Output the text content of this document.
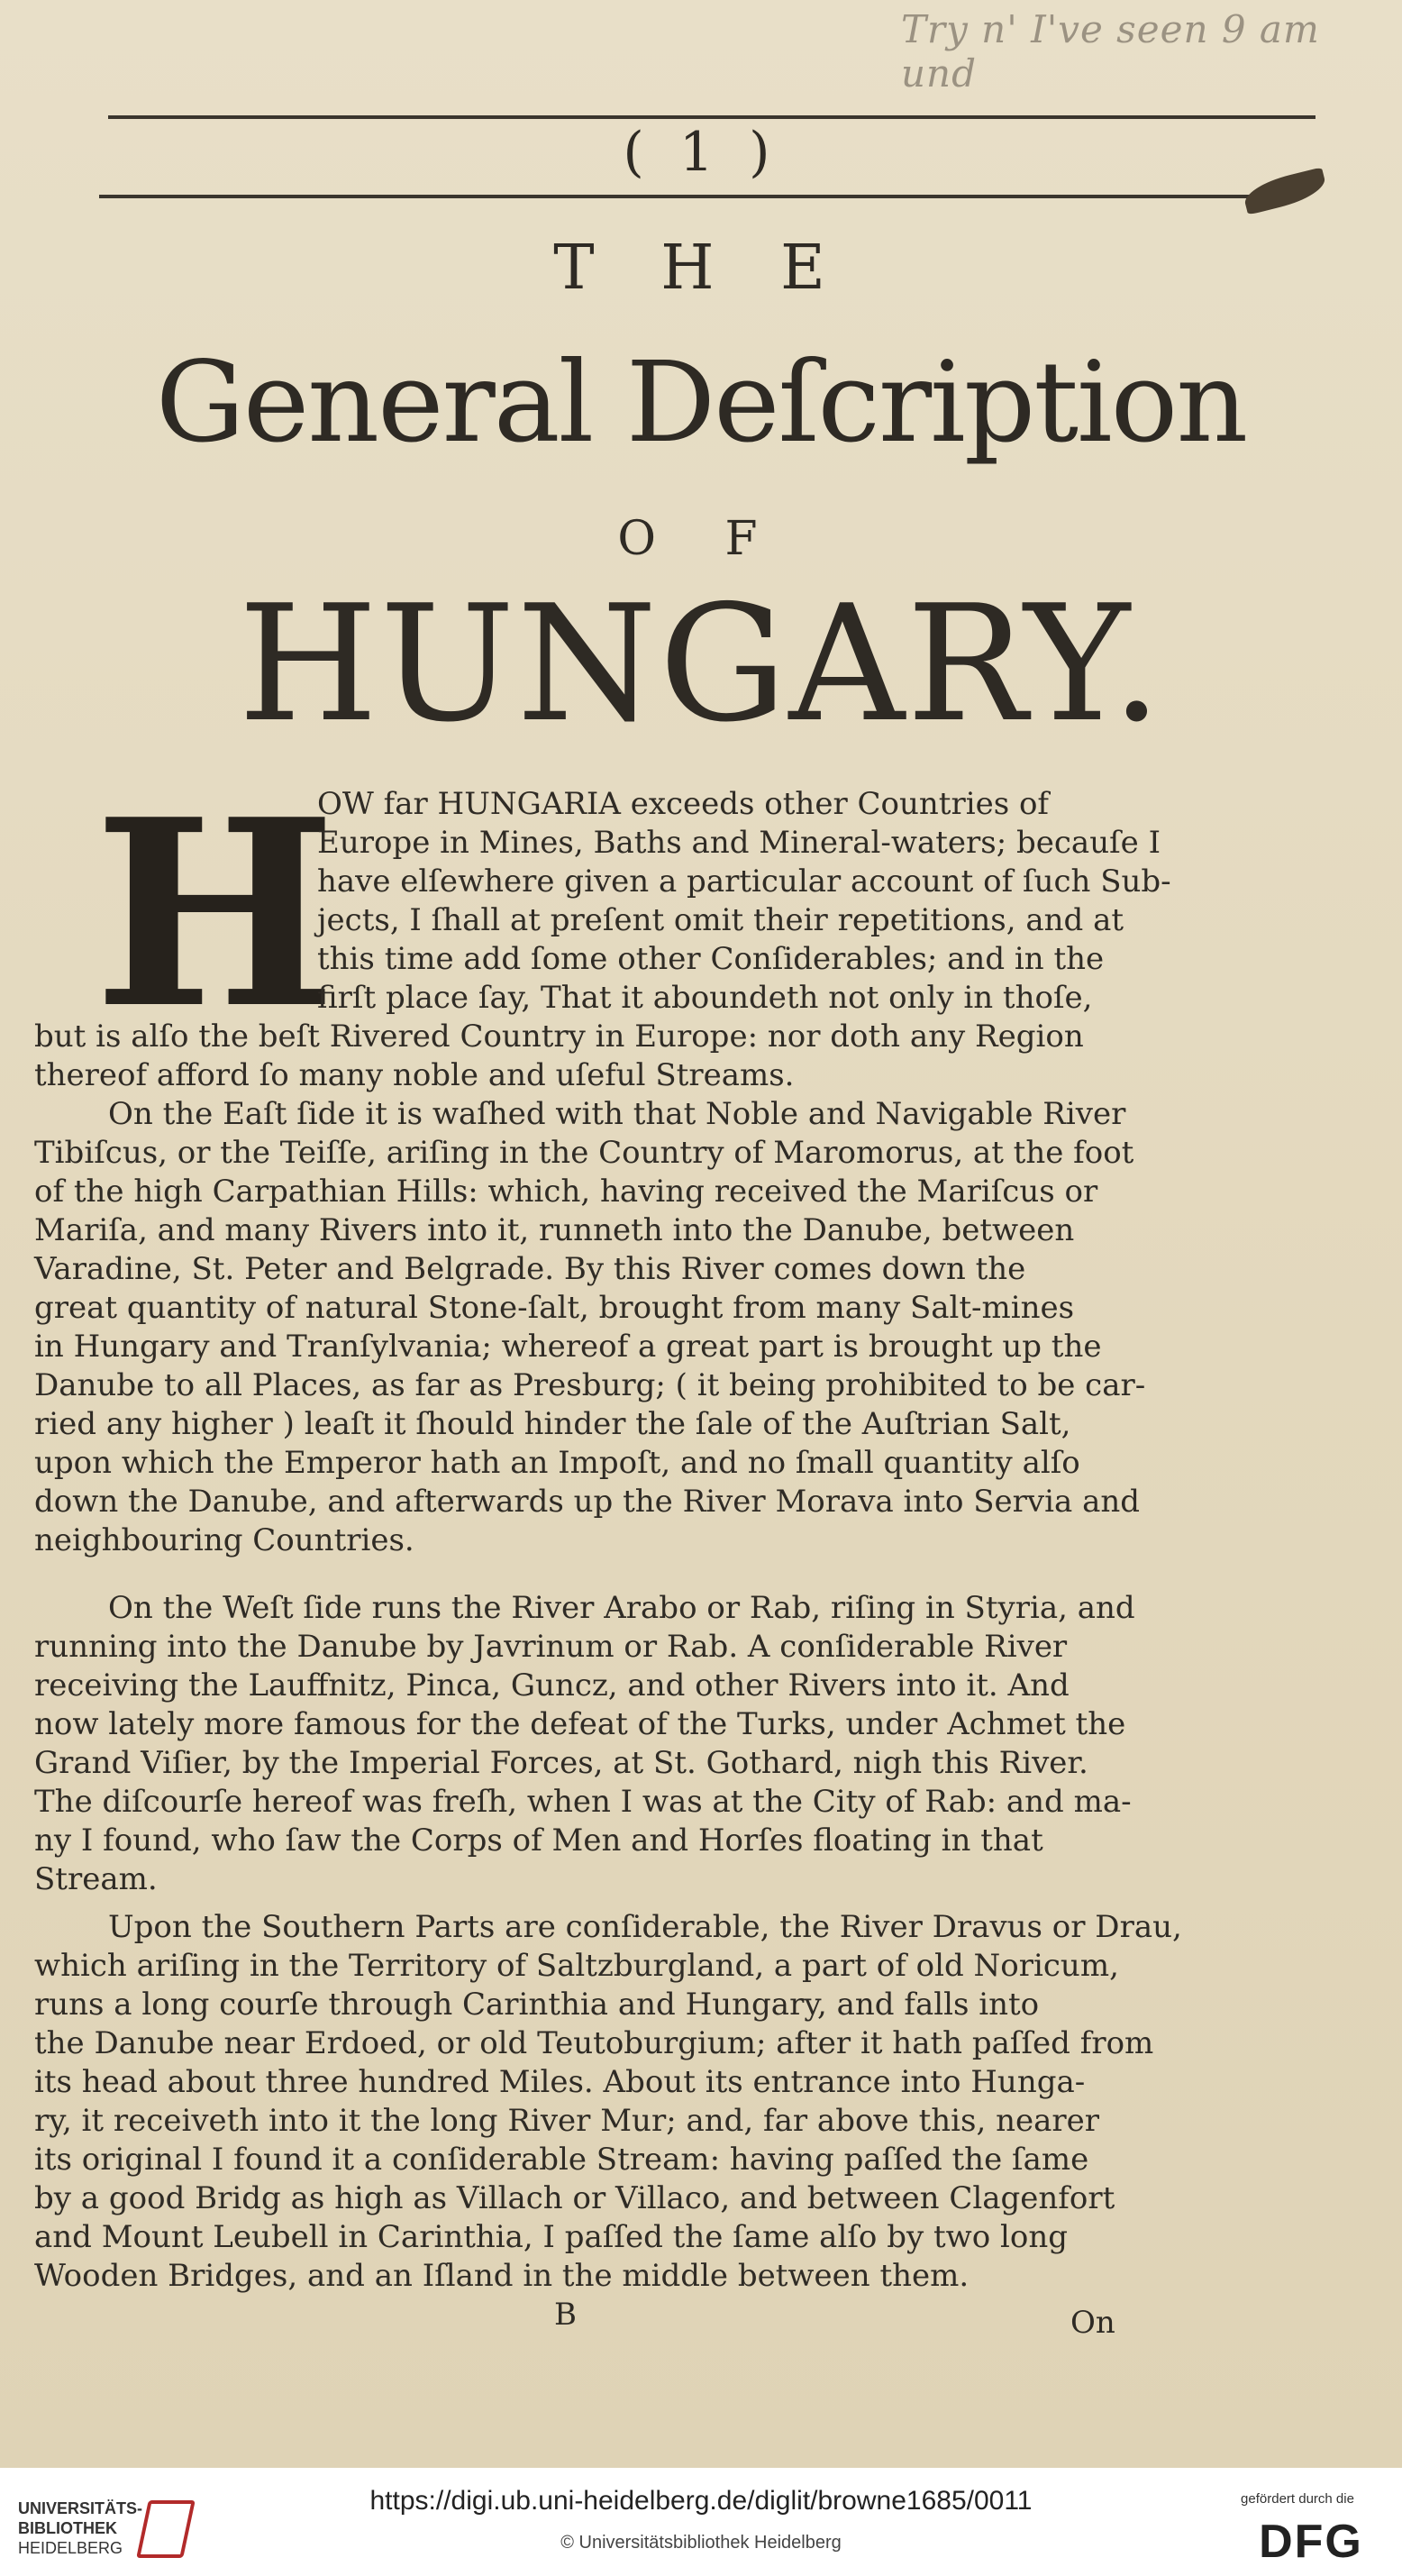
Try n' I've seen 9 am und
( 1 )
T H E
General Deſcription
O F
HUNGARY.
H
OW far HUNGARIA exceeds other Countries of
Europe in Mines, Baths and Mineral-waters; becauſe I
have elſewhere given a particular account of ſuch Sub-
jects, I ſhall at preſent omit their repetitions, and at
this time add ſome other Conſiderables; and in the
firſt place ſay, That it aboundeth not only in thoſe,
but is alſo the beſt Rivered Country in Europe: nor doth any Region
thereof afford ſo many noble and uſeful Streams.
On the Eaſt ſide it is waſhed with that Noble and Navigable River
Tibiſcus, or the Teiſſe, ariſing in the Country of Maromorus, at the foot
of the high Carpathian Hills: which, having received the Mariſcus or
Mariſa, and many Rivers into it, runneth into the Danube, between
Varadine, St. Peter and Belgrade. By this River comes down the
great quantity of natural Stone-ſalt, brought from many Salt-mines
in Hungary and Tranſylvania; whereof a great part is brought up the
Danube to all Places, as far as Presburg; ( it being prohibited to be car-
ried any higher ) leaſt it ſhould hinder the ſale of the Auſtrian Salt,
upon which the Emperor hath an Impoſt, and no ſmall quantity alſo
down the Danube, and afterwards up the River Morava into Servia and
neighbouring Countries.
On the Weſt ſide runs the River Arabo or Rab, riſing in Styria, and
running into the Danube by Javrinum or Rab. A conſiderable River
receiving the Lauffnitz, Pinca, Guncz, and other Rivers into it. And
now lately more famous for the defeat of the Turks, under Achmet the
Grand Viſier, by the Imperial Forces, at St. Gothard, nigh this River.
The diſcourſe hereof was freſh, when I was at the City of Rab: and ma-
ny I found, who ſaw the Corps of Men and Horſes floating in that
Stream.
Upon the Southern Parts are conſiderable, the River Dravus or Drau,
which ariſing in the Territory of Saltzburgland, a part of old Noricum,
runs a long courſe through Carinthia and Hungary, and falls into
the Danube near Erdoed, or old Teutoburgium; after it hath paſſed from
its head about three hundred Miles. About its entrance into Hunga-
ry, it receiveth into it the long River Mur; and, far above this, nearer
its original I found it a conſiderable Stream: having paſſed the ſame
by a good Bridg as high as Villach or Villaco, and between Clagenfort
and Mount Leubell in Carinthia, I paſſed the ſame alſo by two long
Wooden Bridges, and an Iſland in the middle between them.
B	On
UNIVERSITÄTS-BIBLIOTHEK
HEIDELBERG
https://digi.ub.uni-heidelberg.de/diglit/browne1685/0011
© Universitätsbibliothek Heidelberg
gefördert durch die
DFG
